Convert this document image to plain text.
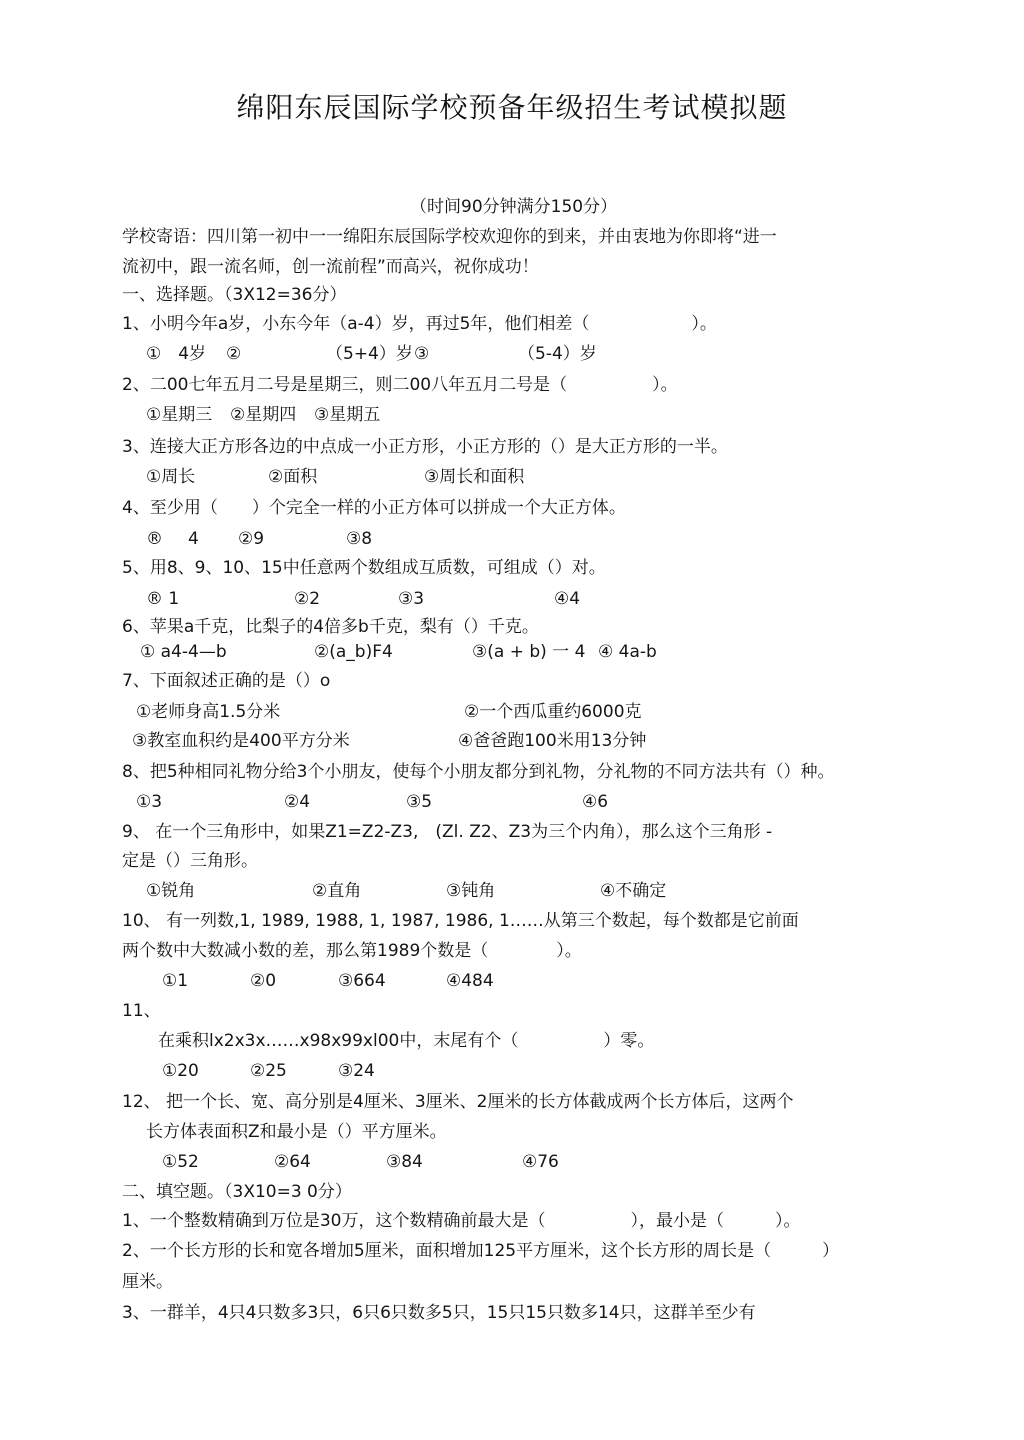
绵阳东辰国际学校预备年级招生考试模拟题
（时间90分钟满分150分）
学校寄语：四川第一初中一一绵阳东辰国际学校欢迎你的到来，并由衷地为你即将“进一
流初中，跟一流名师，创一流前程”而高兴，祝你成功！
一、选择题。（3X12=36分）
1、小明今年a岁，小东今年（a-4）岁，再过5年，他们相差（　　　　　　）。
①　4岁 ②	（5+4）岁 ③	（5-4）岁
2、二00七年五月二号是星期三，则二00八年五月二号是（　　　　　）。
①星期三 ②星期四 ③星期五
3、连接大正方形各边的中点成一小正方形，小正方形的（）是大正方形的一半。
①周长	②面积	③周长和面积
4、至少用（　　）个完全一样的小正方体可以拼成一个大正方体。
® 4 ②9	③8
5、用8、9、10、15中任意两个数组成互质数，可组成（）对。
® 1	②2	③3	④4
6、苹果a千克，比梨子的4倍多b千克，梨有（）千克。
① a4-4—b	②(a_b)F4	③(a + b) 一 4 ④ 4a-b
7、下面叙述正确的是（）o
①老师身高1.5分米	②一个西瓜重约6000克
③教室血积约是400平方分米	④爸爸跑100米用13分钟
8、把5种相同礼物分给3个小朋友，使每个小朋友都分到礼物，分礼物的不同方法共有（）种。
①3	②4	③5	④6
9、 在一个三角形中，如果Z1=Z2-Z3,　(Zl. Z2、Z3为三个内角），那么这个三角形 -
定是（）三角形。
①锐角	②直角	③钝角	④不确定
10、 有一列数,1, 1989, 1988, 1, 1987, 1986, 1……从第三个数起，每个数都是它前面
两个数中大数减小数的差，那么第1989个数是（　　　　）。
①1	②0	③664	④484
11、
在乘积lx2x3x……x98x99xl00中，末尾有个（　　　　　）零。
①20	②25	③24
12、 把一个长、宽、高分别是4厘米、3厘米、2厘米的长方体截成两个长方体后，这两个
长方体表面积Z和最小是（）平方厘米。
①52	②64	③84	④76
二、填空题。（3X10=3 0分）
1、一个整数精确到万位是30万，这个数精确前最大是（　　　　　），最小是（　　　）。
2、一个长方形的长和宽各增加5厘米，面积增加125平方厘米，这个长方形的周长是（　　　）
厘米。
3、一群羊，4只4只数多3只，6只6只数多5只，15只15只数多14只，这群羊至少有
